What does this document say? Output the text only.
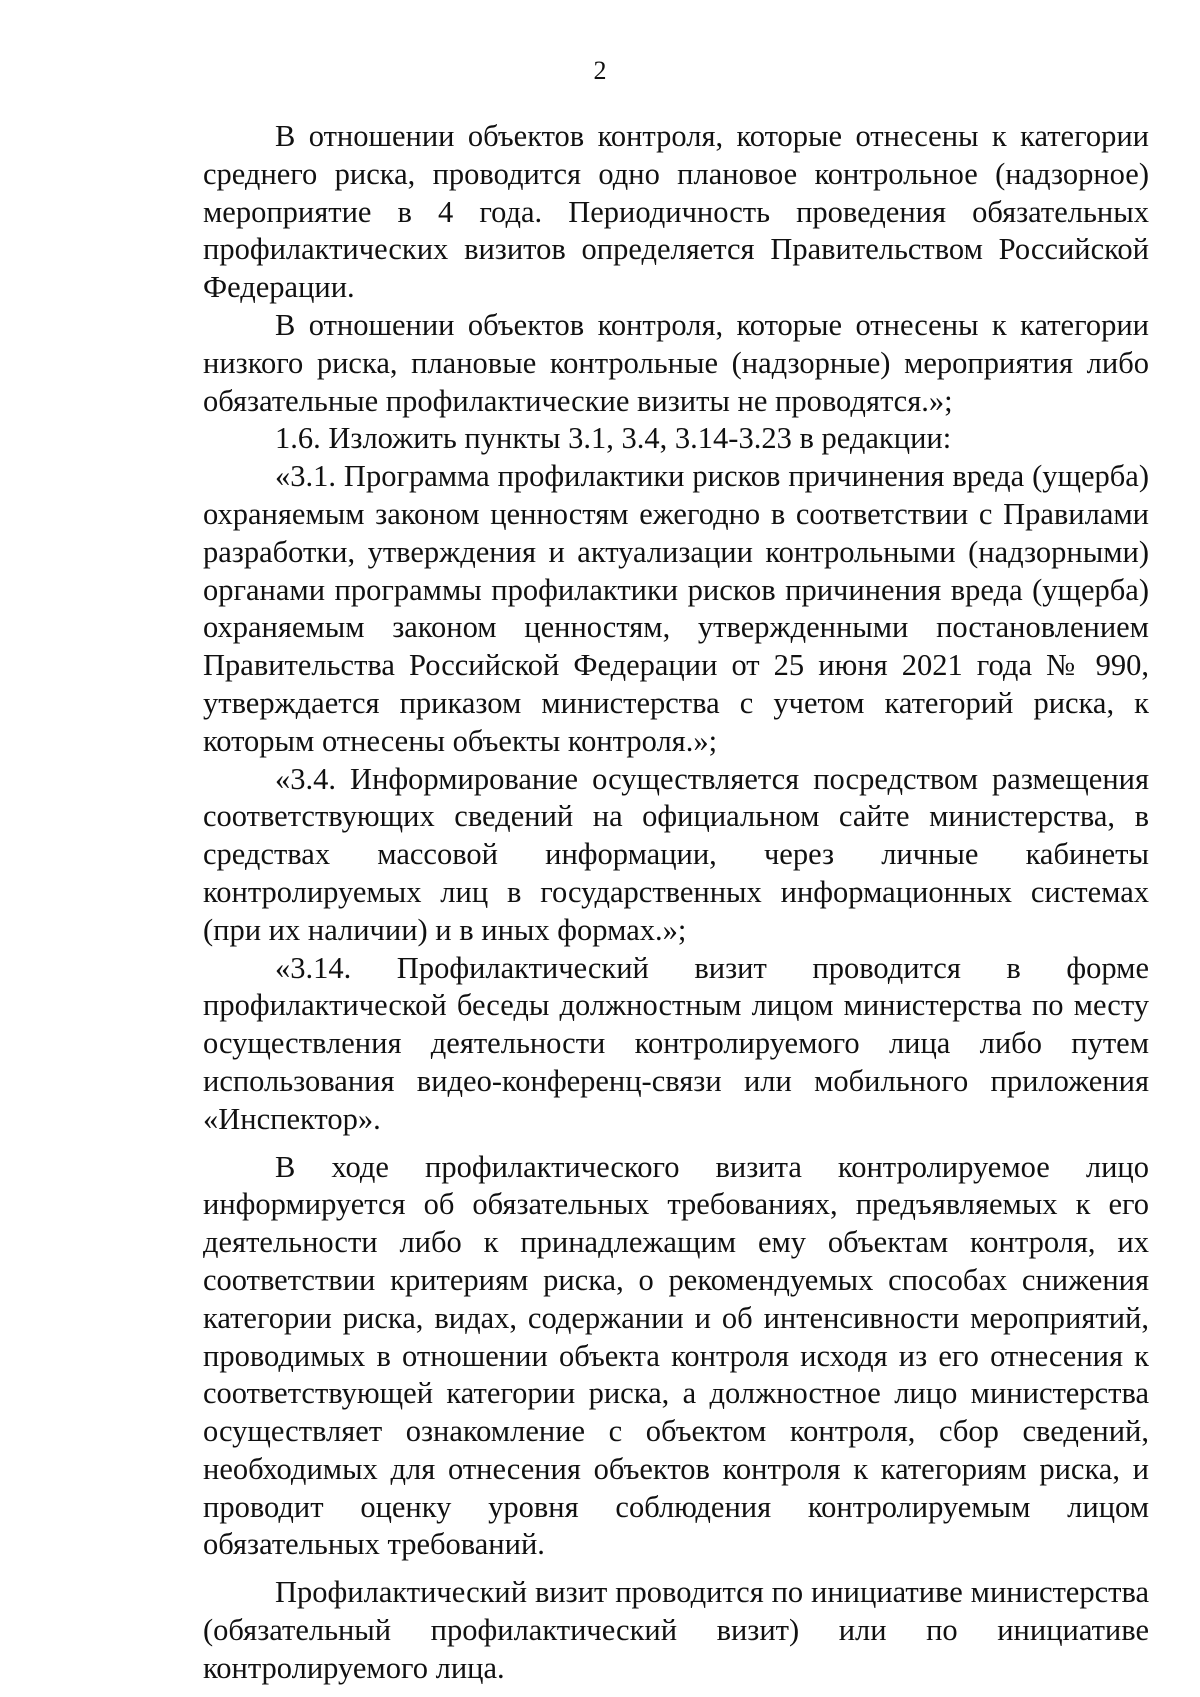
2

В отношении объектов контроля, которые отнесены к категории среднего риска, проводится одно плановое контрольное (надзорное) мероприятие в 4 года. Периодичность проведения обязательных профилактических визитов определяется Правительством Российской Федерации.

В отношении объектов контроля, которые отнесены к категории низкого риска, плановые контрольные (надзорные) мероприятия либо обязательные профилактические визиты не проводятся.»;

1.6. Изложить пункты 3.1, 3.4, 3.14-3.23 в редакции:

«3.1. Программа профилактики рисков причинения вреда (ущерба) охраняемым законом ценностям ежегодно в соответствии с Правилами разработки, утверждения и актуализации контрольными (надзорными) органами программы профилактики рисков причинения вреда (ущерба) охраняемым законом ценностям, утвержденными постановлением Правительства Российской Федерации от 25 июня 2021 года № 990, утверждается приказом министерства с учетом категорий риска, к которым отнесены объекты контроля.»;

«3.4. Информирование осуществляется посредством размещения соответствующих сведений на официальном сайте министерства, в средствах массовой информации, через личные кабинеты контролируемых лиц в государственных информационных системах (при их наличии) и в иных формах.»;

«3.14. Профилактический визит проводится в форме профилактической беседы должностным лицом министерства по месту осуществления деятельности контролируемого лица либо путем использования видео-конференц-связи или мобильного приложения «Инспектор».

В ходе профилактического визита контролируемое лицо информируется об обязательных требованиях, предъявляемых к его деятельности либо к принадлежащим ему объектам контроля, их соответствии критериям риска, о рекомендуемых способах снижения категории риска, видах, содержании и об интенсивности мероприятий, проводимых в отношении объекта контроля исходя из его отнесения к соответствующей категории риска, а должностное лицо министерства осуществляет ознакомление с объектом контроля, сбор сведений, необходимых для отнесения объектов контроля к категориям риска, и проводит оценку уровня соблюдения контролируемым лицом обязательных требований.

Профилактический визит проводится по инициативе министерства (обязательный профилактический визит) или по инициативе контролируемого лица.
